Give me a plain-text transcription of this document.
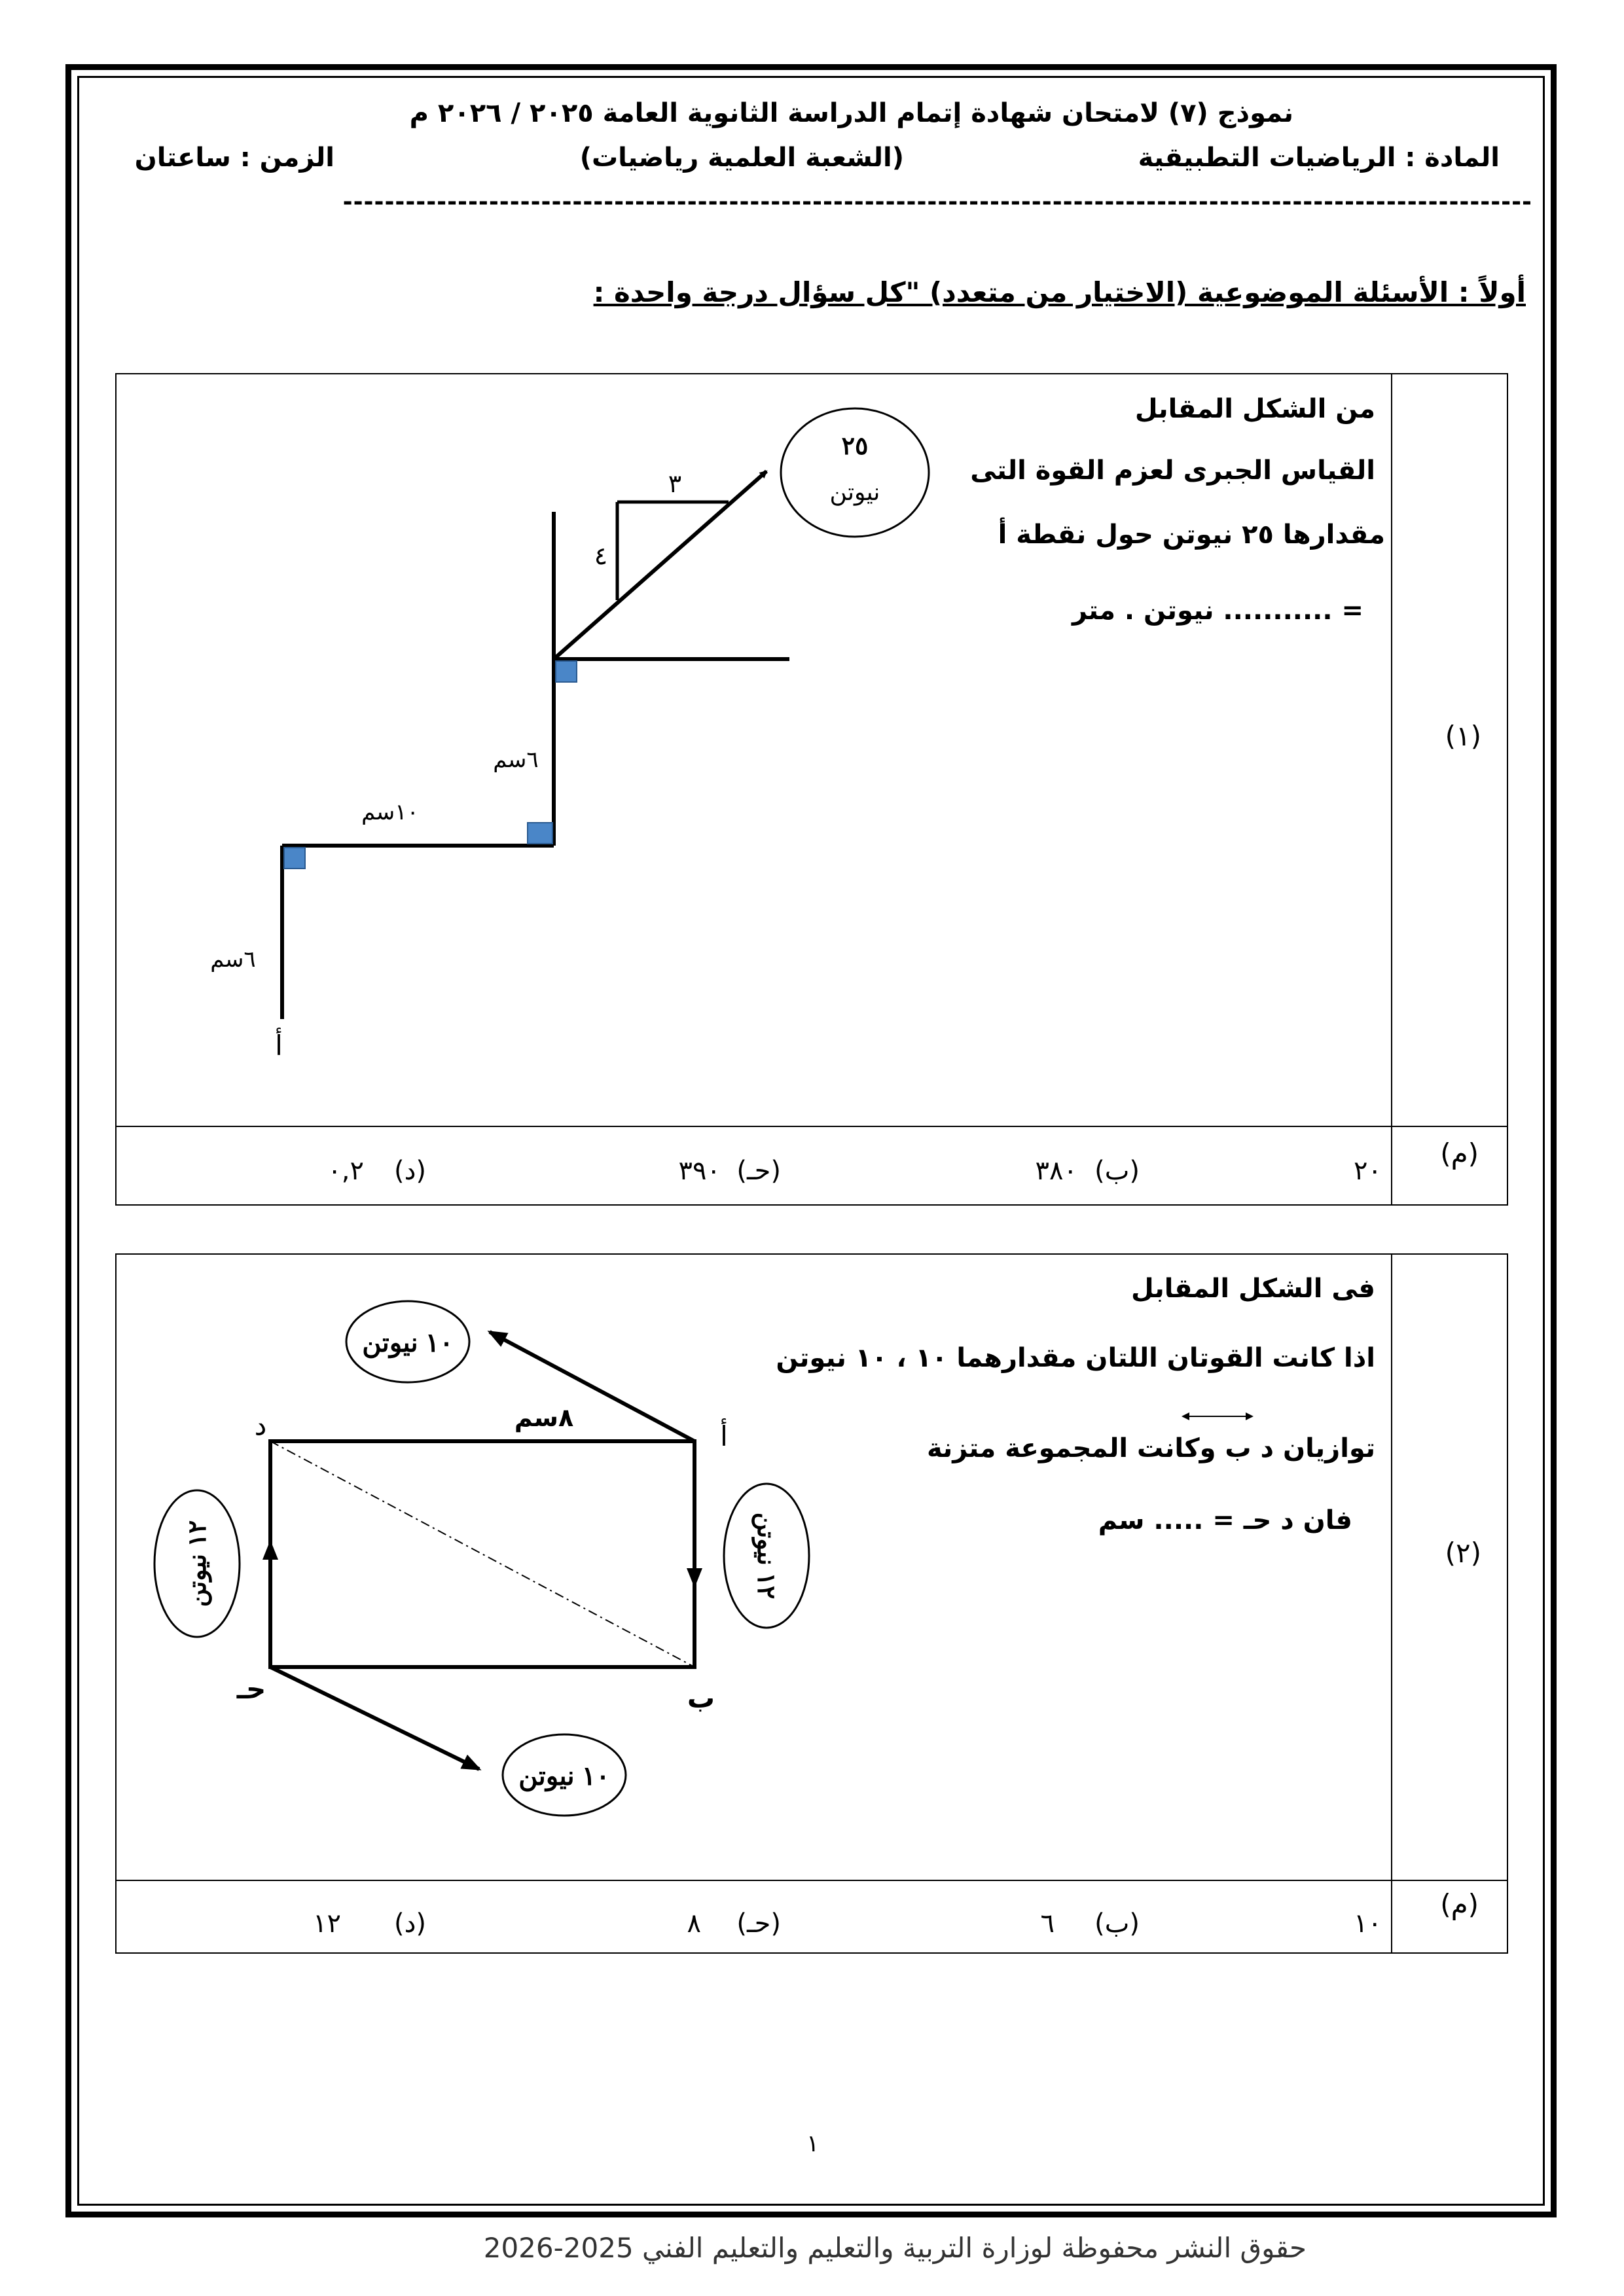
نموذج (٧) لامتحان شهادة إتمام الدراسة الثانوية العامة ٢٠٢٥ / ٢٠٢٦ م
المادة : الرياضيات التطبيقية
(الشعبة العلمية رياضيات)
الزمن : ساعتان
------------------------------------------------------------------------------------------------------------------
أولاً : الأسئلة الموضوعية (الاختيار من متعدد) "كل سؤال درجة واحدة :
(١)
من الشكل المقابل
القياس الجبرى لعزم القوة التى
مقدارها ٢٥ نيوتن حول نقطة أ
= ........... نيوتن . متر
٢٥
نيوتن
٣
٤
٦سم
١٠سم
٦سم
أ
(م)
٢٠
(ب)
٣٨٠
(حـ)
٣٩٠
(د)
٠,٢
(٢)
فى الشكل المقابل
اذا كانت القوتان اللتان مقدارهما ١٠ ، ١٠ نيوتن
توازيان د ب وكانت المجموعة متزنة
فان د حـ = ..... سم
١٠ نيوتن
١٠ نيوتن
١٢ نيوتن	١٢ نيوتن
أ
ب
حـ
د	٨سم
(م)
١٠
(ب)
٦
(حـ)
٨
(د)
١٢
١
حقوق النشر محفوظة لوزارة التربية والتعليم والتعليم الفني 2025-2026
